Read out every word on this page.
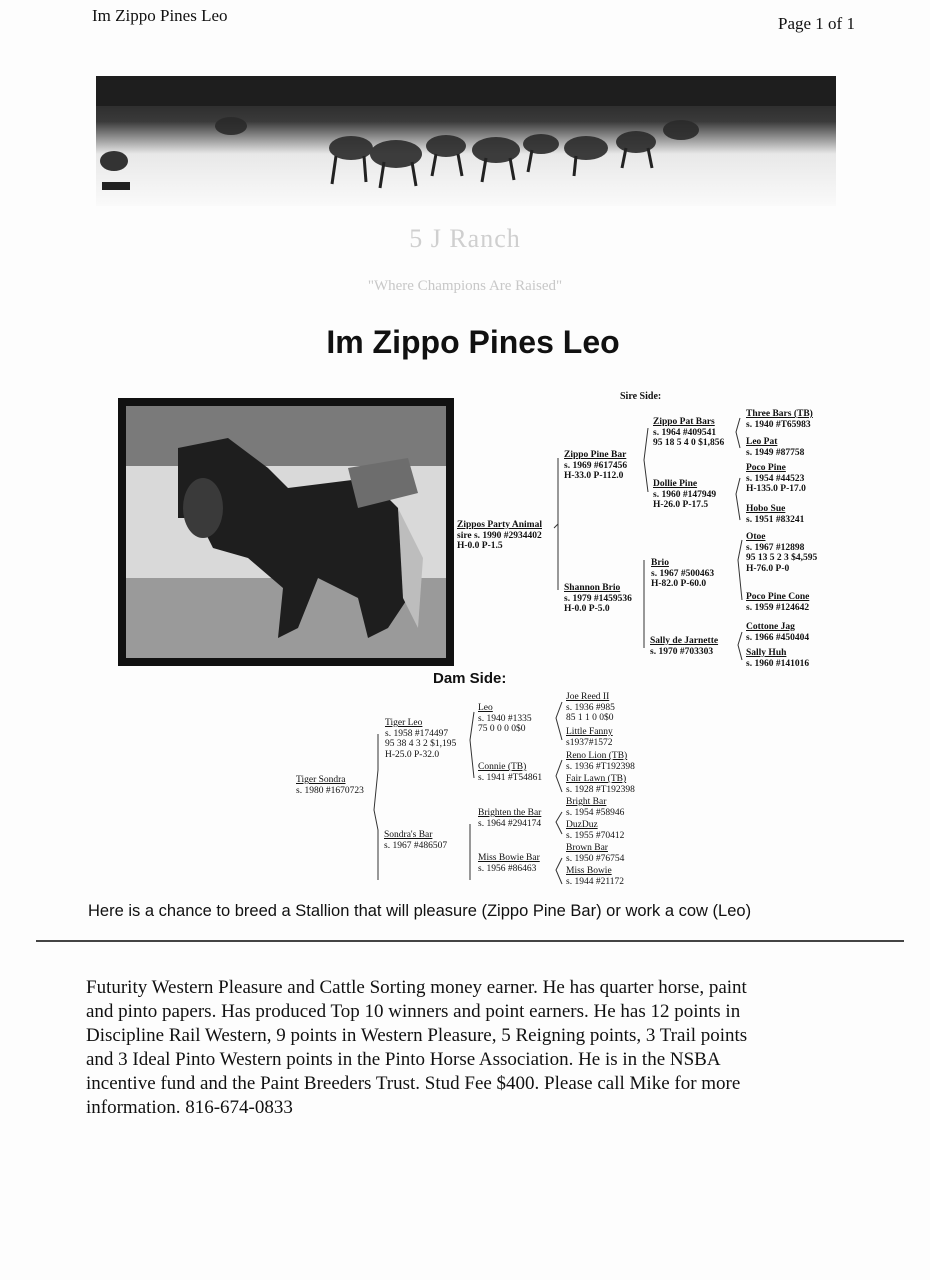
Im Zippo Pines Leo	Page 1 of 1
5 J Ranch
"Where Champions Are Raised"
Im Zippo Pines Leo
Sire Side:
Zippos Party Animal
sire s. 1990 #2934402
H-0.0 P-1.5
Zippo Pine Bar
s. 1969 #617456
H-33.0 P-112.0
Shannon Brio
s. 1979 #1459536
H-0.0 P-5.0
Zippo Pat Bars
s. 1964 #409541
95 18 5 4 0 $1,856
Dollie Pine
s. 1960 #147949
H-26.0 P-17.5
Brio
s. 1967 #500463
H-82.0 P-60.0
Sally de Jarnette
s. 1970 #703303
Three Bars (TB)
s. 1940 #T65983
Leo Pat
s. 1949 #87758
Poco Pine
s. 1954 #44523
H-135.0 P-17.0
Hobo Sue
s. 1951 #83241
Otoe
s. 1967 #12898
95 13 5 2 3 $4,595
H-76.0 P-0
Poco Pine Cone
s. 1959 #124642
Cottone Jag
s. 1966 #450404
Sally Huh
s. 1960 #141016
Dam Side:
Tiger Sondra
s. 1980 #1670723
Tiger Leo
s. 1958 #174497
95 38 4 3 2 $1,195
H-25.0 P-32.0
Sondra's Bar
s. 1967 #486507
Leo
s. 1940 #1335
75 0 0 0 0$0
Connie (TB)
s. 1941 #T54861
Brighten the Bar
s. 1964 #294174
Miss Bowie Bar
s. 1956 #86463
Joe Reed II
s. 1936 #985
85 1 1 0 0$0
Little Fanny
s1937#1572
Reno Lion (TB)
s. 1936 #T192398
Fair Lawn (TB)
s. 1928 #T192398
Bright Bar
s. 1954 #58946
DuzDuz
s. 1955 #70412
Brown Bar
s. 1950 #76754
Miss Bowie
s. 1944 #21172
Here is a chance to breed a Stallion that will pleasure (Zippo Pine Bar) or work a cow (Leo)

Futurity Western Pleasure and Cattle Sorting money earner. He has quarter horse, paint

and pinto papers. Has produced Top 10 winners and point earners. He has 12 points in

Discipline Rail Western, 9 points in Western Pleasure, 5 Reigning points, 3 Trail points

and 3 Ideal Pinto Western points in the Pinto Horse Association. He is in the NSBA

incentive fund and the Paint Breeders Trust. Stud Fee $400. Please call Mike for more

information. 816-674-0833
